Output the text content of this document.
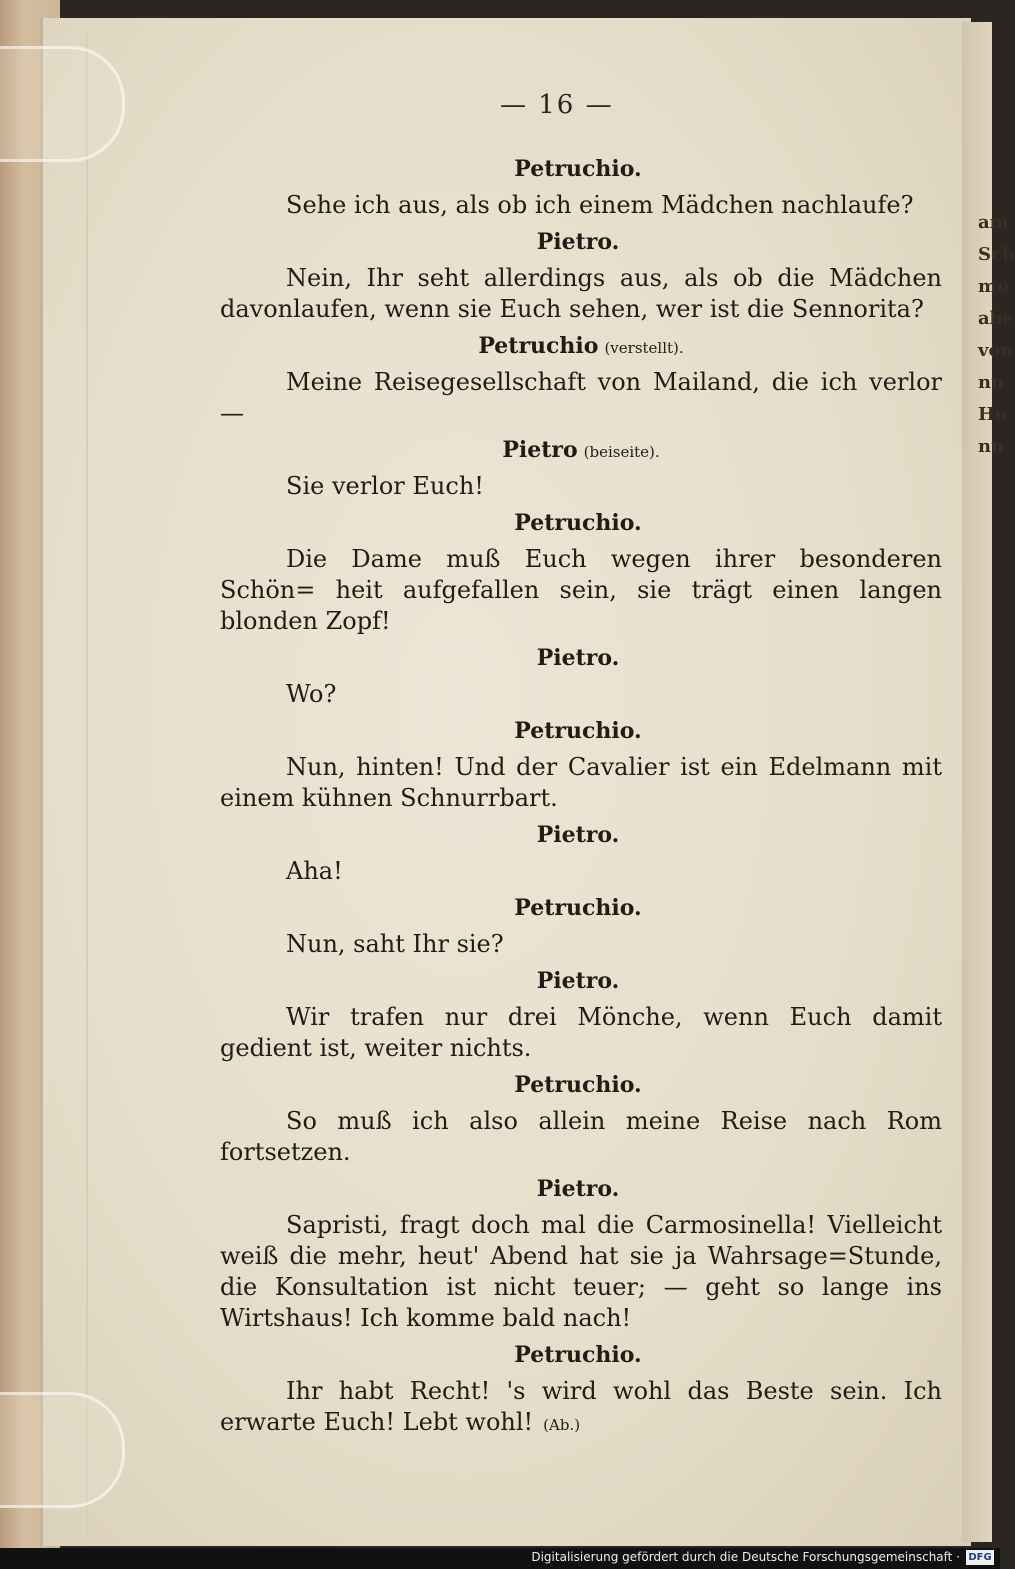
am
Sch
mo
abe
von
nu
Ho
nu
— 16 —
Petruchio.

Sehe ich aus, als ob ich einem Mädchen nachlaufe?

Pietro.

Nein, Ihr seht allerdings aus, als ob die Mädchen davonlaufen, wenn sie Euch sehen, wer ist die Sennorita?

Petruchio (verstellt).

Meine Reisegesellschaft von Mailand, die ich verlor —

Pietro (beiseite).

Sie verlor Euch!

Petruchio.

Die Dame muß Euch wegen ihrer besonderen Schön= heit aufgefallen sein, sie trägt einen langen blonden Zopf!

Pietro.

Wo?

Petruchio.

Nun, hinten! Und der Cavalier ist ein Edelmann mit einem kühnen Schnurrbart.

Pietro.

Aha!

Petruchio.

Nun, saht Ihr sie?

Pietro.

Wir trafen nur drei Mönche, wenn Euch damit gedient ist, weiter nichts.

Petruchio.

So muß ich also allein meine Reise nach Rom fortsetzen.

Pietro.

Sapristi, fragt doch mal die Carmosinella! Vielleicht weiß die mehr, heut' Abend hat sie ja Wahrsage=Stunde, die Konsultation ist nicht teuer; — geht so lange ins Wirtshaus! Ich komme bald nach!

Petruchio.

Ihr habt Recht! 's wird wohl das Beste sein. Ich erwarte Euch! Lebt wohl! (Ab.)

Digitalisierung gefördert durch die Deutsche Forschungsgemeinschaft · DFG
